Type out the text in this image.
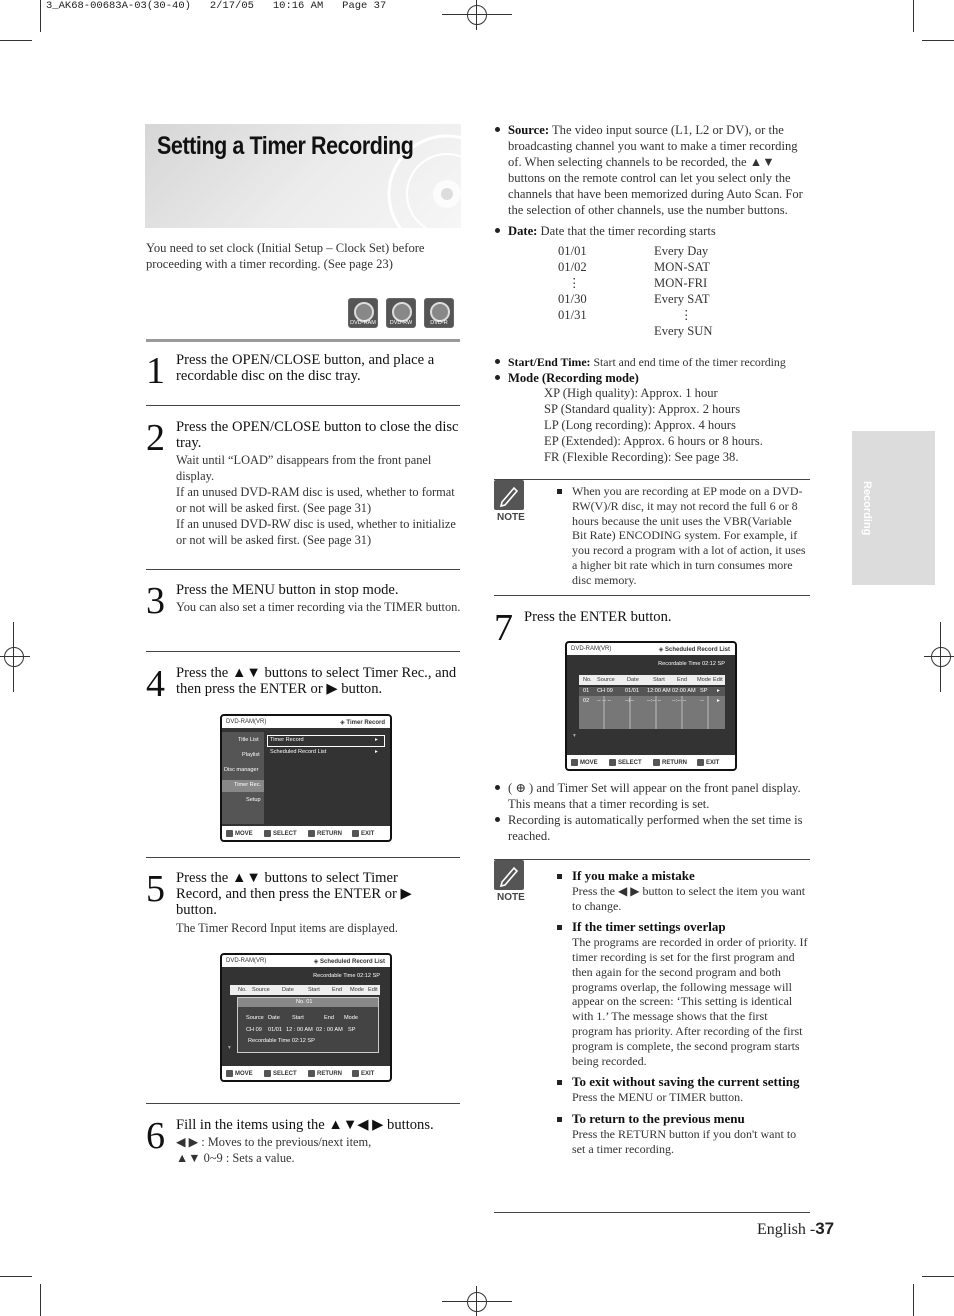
3_AK68-00683A-03(30-40)   2/17/05   10:16 AM   Page 37
Setting a Timer Recording
You need to set clock (Initial Setup – Clock Set) before proceeding with a timer recording. (See page 23)
DVD-RAM	DVD-RW	DVD-R
1 Press the OPEN/CLOSE button, and place a recordable disc on the disc tray.
2 Press the OPEN/CLOSE button to close the disc tray.
Wait until “LOAD” disappears from the front panel display.
If an unused DVD-RAM disc is used, whether to format or not will be asked first. (See page 31)
If an unused DVD-RW disc is used, whether to initialize or not will be asked first. (See page 31)
3 Press the MENU button in stop mode.
You can also set a timer recording via the TIMER button.
4 Press the ▲▼ buttons to select Timer Rec., and then press the ENTER or ▶ button.
DVD-RAM(VR)	◈ Timer Record
Title List
Playlist
Disc manager
Timer Rec.
Setup
Timer Record	▸
Scheduled Record List	▸
MOVE	SELECT	RETURN	EXIT
5 Press the ▲▼ buttons to select Timer Record, and then press the ENTER or ▶ button.
The Timer Record Input items are displayed.
DVD-RAM(VR)	◈ Scheduled Record List
Recordable Time 02:12 SP
No. Source Date	Start End Mode Edit
No. 01
Source Date Start	End Mode
CH 09 01/01 12 : 00 AM 02 : 00 AM SP
Recordable Time 02:12 SP
▾
MOVE	SELECT	RETURN	EXIT
6 Fill in the items using the ▲▼◀ ▶ buttons.
◀ ▶ : Moves to the previous/next item,
▲▼ 0~9 : Sets a value.
Source: The video input source (L1, L2 or DV), or the broadcasting channel you want to make a timer recording of. When selecting channels to be recorded, the ▲▼ buttons on the remote control can let you select only the channels that have been memorized during Auto Scan. For the selection of other channels, use the number buttons.
Date: Date that the timer recording starts
01/01	Every Day
01/02	MON-SAT
⋮	MON-FRI
01/30	Every SAT
01/31	⋮
Every SUN
Start/End Time: Start and end time of the timer recording
Mode (Recording mode)
XP (High quality): Approx. 1 hour
SP (Standard quality): Approx. 2 hours
LP (Long recording): Approx. 4 hours
EP (Extended): Approx. 6 hours or 8 hours.
FR (Flexible Recording): See page 38.
NOTE
When you are recording at EP mode on a DVD-RW(V)/R disc, it may not record the full 6 or 8 hours because the unit uses the VBR(Variable Bit Rate) ENCODING system. For example, if you record a program with a lot of action, it uses a higher bit rate which in turn consumes more disc memory.
7 Press the ENTER button.
DVD-RAM(VR)	◈ Scheduled Record List
Recordable Time 02:12 SP
No. Source Date	Start End Mode Edit
01 CH 09 01/01 12:00 AM 02:00 AM SP ▸
02 -- -- -- --/-- --:-- -- --:-- -- -- ▸
▾
MOVE	SELECT	RETURN	EXIT
( ⊕ ) and Timer Set will appear on the front panel display. This means that a timer recording is set.
Recording is automatically performed when the set time is reached.
NOTE
If you make a mistake
Press the ◀ ▶ button to select the item you want to change.
If the timer settings overlap
The programs are recorded in order of priority. If timer recording is set for the first program and then again for the second program and both programs overlap, the following message will appear on the screen: ‘This setting is identical with 1.’ The message shows that the first program has priority. After recording of the first program is complete, the second program starts being recorded.
To exit without saving the current setting
Press the MENU or TIMER button.
To return to the previous menu
Press the RETURN button if you don't want to set a timer recording.
Recording
English -37
